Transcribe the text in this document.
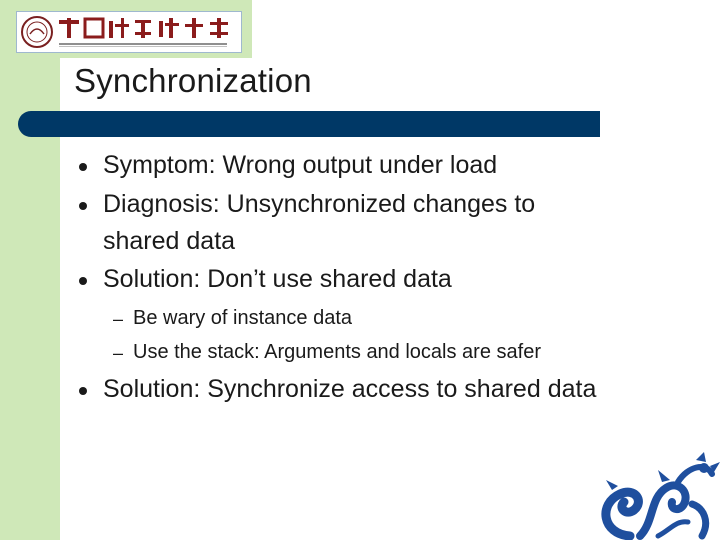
Synchronization
Symptom: Wrong output under load
Diagnosis: Unsynchronized changes to
shared data
Solution: Don’t use shared data
– Be wary of instance data
– Use the stack: Arguments and locals are safer
Solution: Synchronize access to shared data
